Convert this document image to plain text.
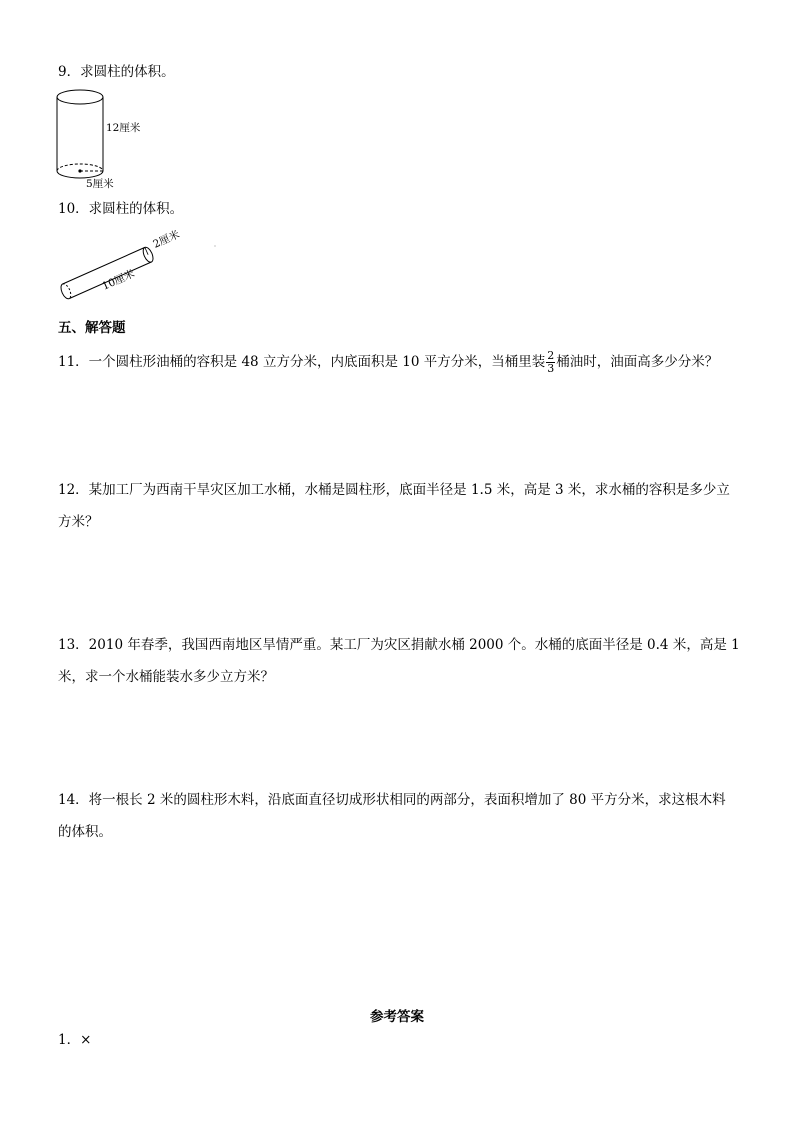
9．求圆柱的体积。
12厘米
5厘米
10．求圆柱的体积。
2厘米
10厘米
五、解答题
11．一个圆柱形油桶的容积是 48 立方分米，内底面积是 10 平方分米，当桶里装 $\frac{2}{3}$ 桶油时，油面高多少分米？
12．某加工厂为西南干旱灾区加工水桶，水桶是圆柱形，底面半径是 1.5 米，高是 3 米，求水桶的容积是多少立
方米？
13．2010 年春季，我国西南地区旱情严重。某工厂为灾区捐献水桶 2000 个。水桶的底面半径是 0.4 米，高是 1
米，求一个水桶能装水多少立方米？
14．将一根长 2 米的圆柱形木料，沿底面直径切成形状相同的两部分，表面积增加了 80 平方分米，求这根木料
的体积。
参考答案
1．×
